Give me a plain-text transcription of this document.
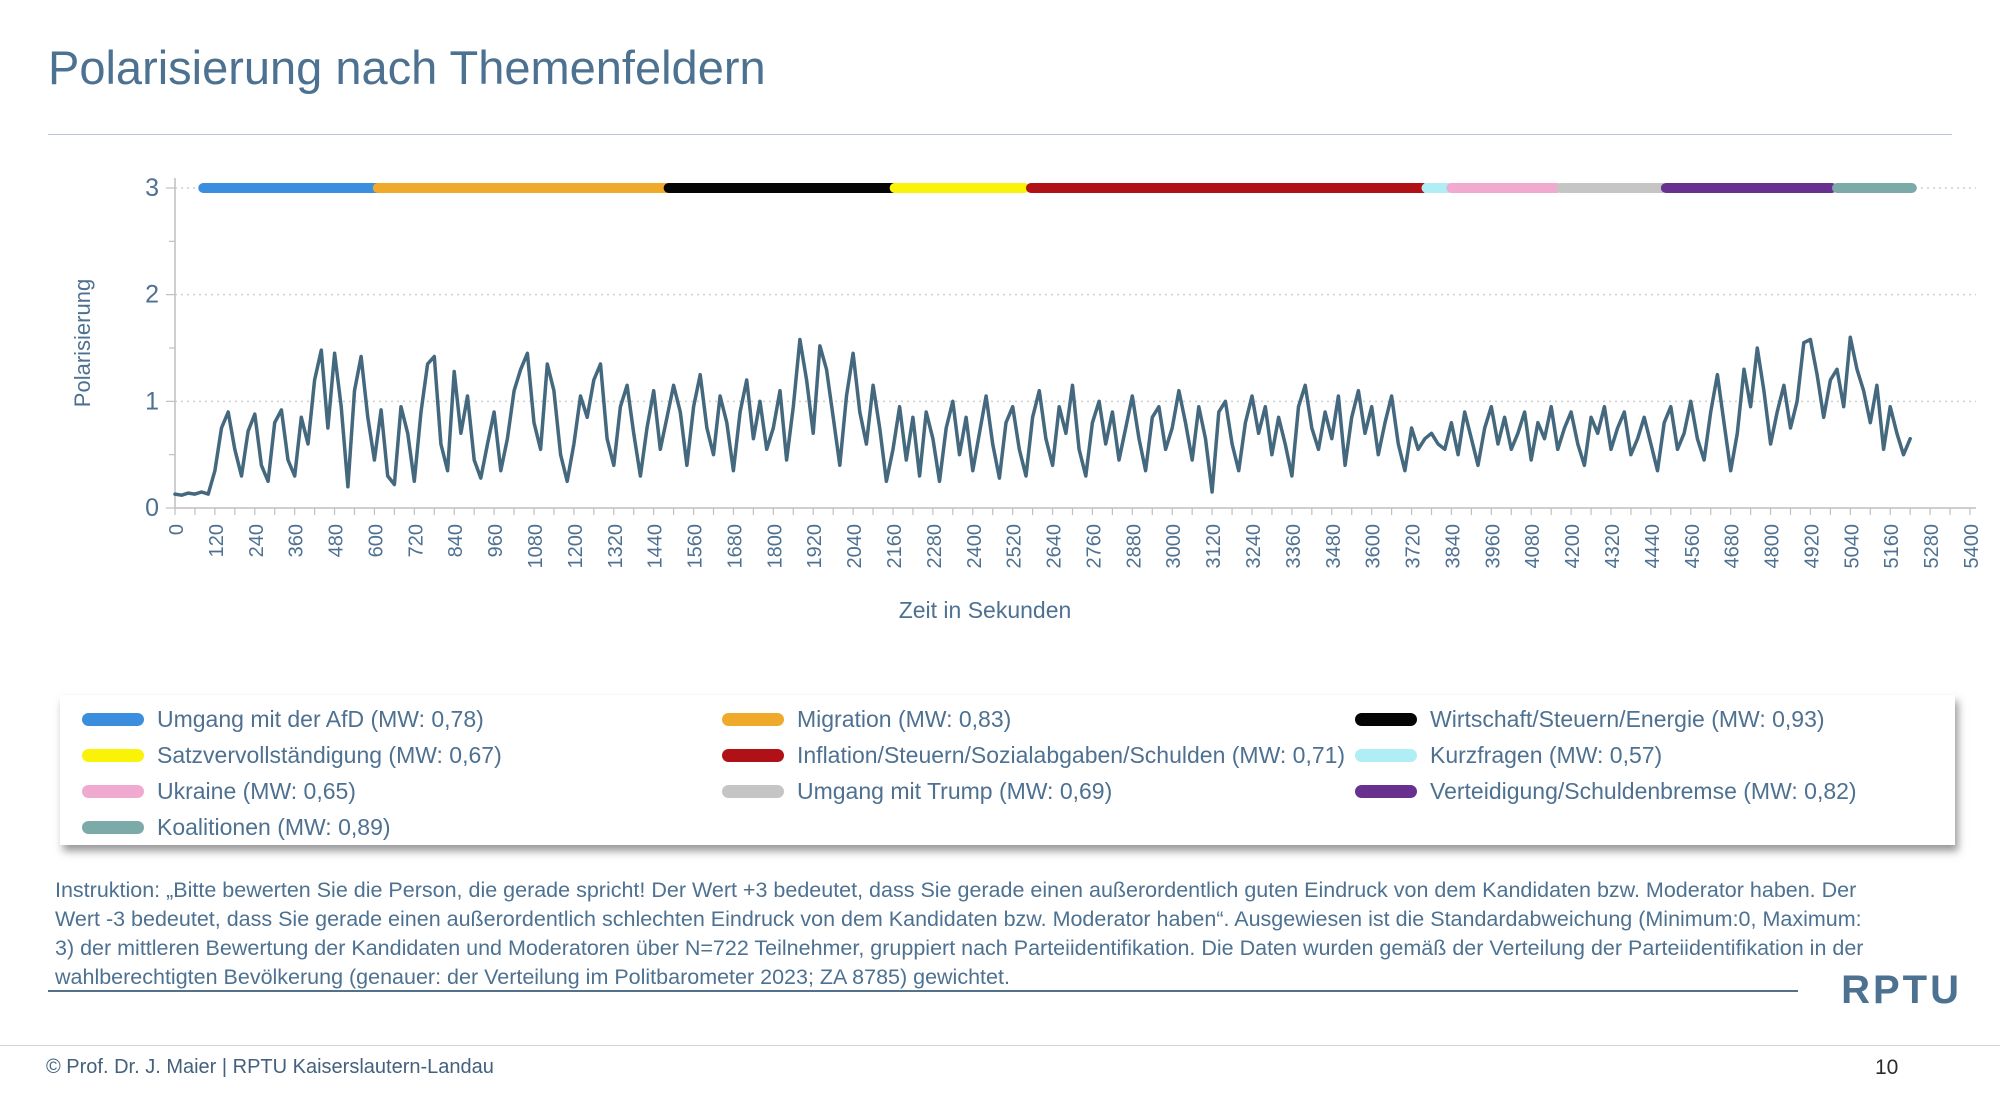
Polarisierung nach Themenfeldern
0 120 240 360 480 600 720 840 960 1080 1200 1320 1440 1560 1680 1800 1920 2040 2160 2280 2400 2520 2640 2760 2880 3000 3120 3240 3360 3480 3600 3720 3840 3960 4080 4200 4320 4440 4560 4680 4800 4920 5040 5160 5280 5400
0
1
2
3
Polarisierung
Zeit in Sekunden
Umgang mit der AfD (MW: 0,78)	Migration (MW: 0,83)	Wirtschaft/Steuern/Energie (MW: 0,93)
Satzvervollständigung (MW: 0,67)	Inflation/Steuern/Sozialabgaben/Schulden (MW: 0,71)	Kurzfragen (MW: 0,57)
Ukraine (MW: 0,65)	Umgang mit Trump (MW: 0,69)	Verteidigung/Schuldenbremse (MW: 0,82)
Koalitionen (MW: 0,89)
Instruktion: „Bitte bewerten Sie die Person, die gerade spricht! Der Wert +3 bedeutet, dass Sie gerade einen außerordentlich guten Eindruck von dem Kandidaten bzw. Moderator haben. Der
Wert -3 bedeutet, dass Sie gerade einen außerordentlich schlechten Eindruck von dem Kandidaten bzw. Moderator haben“. Ausgewiesen ist die Standardabweichung (Minimum:0, Maximum:
3) der mittleren Bewertung der Kandidaten und Moderatoren über N=722 Teilnehmer, gruppiert nach Parteiidentifikation. Die Daten wurden gemäß der Verteilung der Parteiidentifikation in der
wahlberechtigten Bevölkerung (genauer: der Verteilung im Politbarometer 2023; ZA 8785) gewichtet.	RPTU
© Prof. Dr. J. Maier | RPTU Kaiserslautern-Landau	10
